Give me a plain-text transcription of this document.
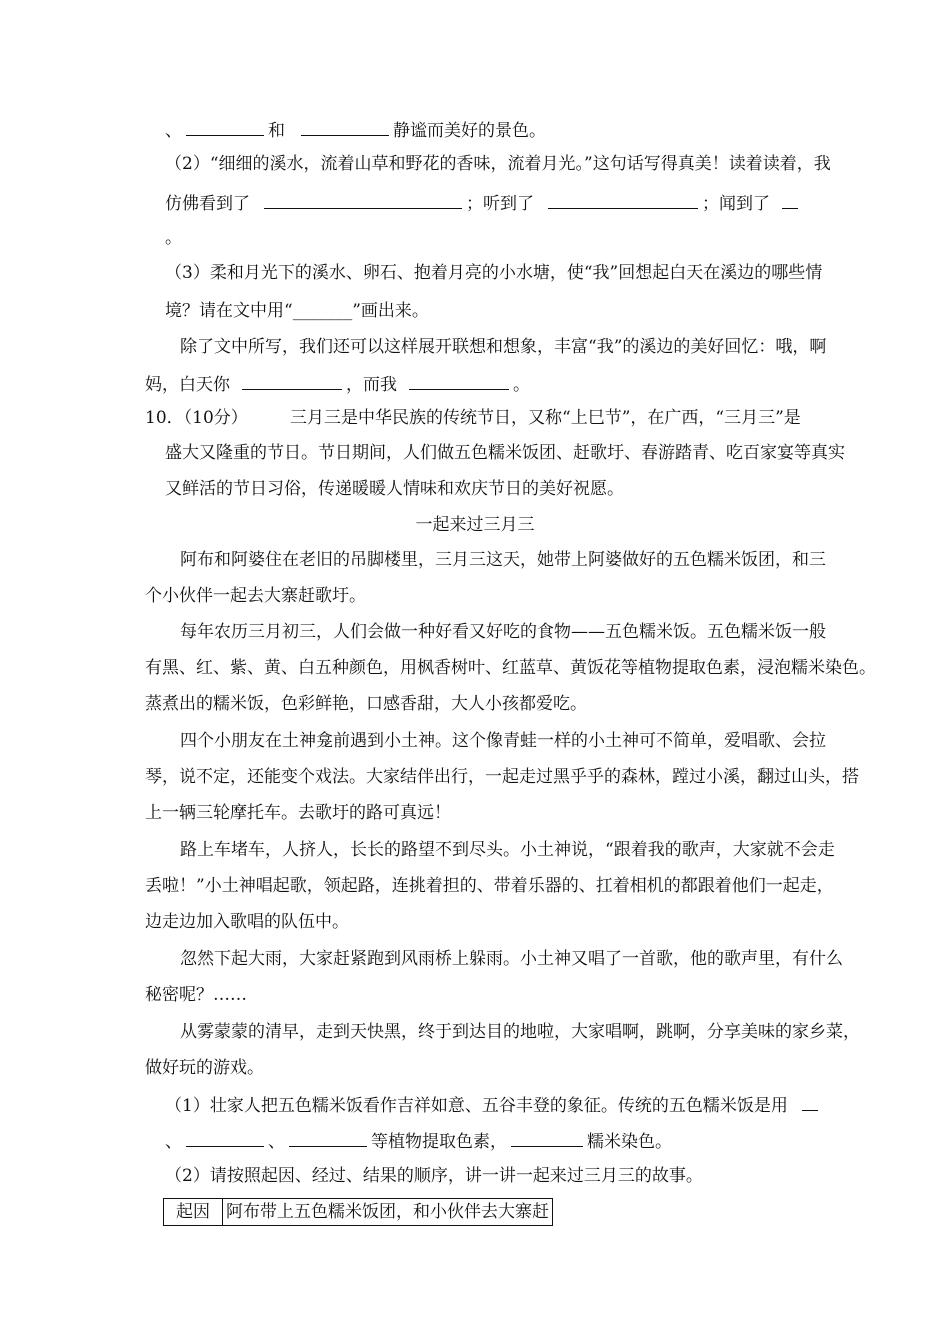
、	和	静谧而美好的景色。
（2）“细细的溪水，流着山草和野花的香味，流着月光。”这句话写得真美！读着读着，我
仿佛看到了	；听到了	；闻到了
。
（3）柔和月光下的溪水、卵石、抱着月亮的小水塘，使“我”回想起白天在溪边的哪些情
境？请在文中用“_______”画出来。
除了文中所写，我们还可以这样展开联想和想象，丰富“我”的溪边的美好回忆：哦，啊
妈，白天你	，而我	。
10．（10分） 三月三是中华民族的传统节日，又称“上巳节”，在广西，“三月三”是
盛大又隆重的节日。节日期间，人们做五色糯米饭团、赶歌圩、春游踏青、吃百家宴等真实
又鲜活的节日习俗，传递暖暖人情味和欢庆节日的美好祝愿。
一起来过三月三
阿布和阿婆住在老旧的吊脚楼里，三月三这天，她带上阿婆做好的五色糯米饭团，和三
个小伙伴一起去大寨赶歌圩。
每年农历三月初三，人们会做一种好看又好吃的食物——五色糯米饭。五色糯米饭一般
有黑、红、紫、黄、白五种颜色，用枫香树叶、红蓝草、黄饭花等植物提取色素，浸泡糯米染色。
蒸煮出的糯米饭，色彩鲜艳，口感香甜，大人小孩都爱吃。
四个小朋友在土神龛前遇到小土神。这个像青蛙一样的小土神可不简单，爱唱歌、会拉
琴，说不定，还能变个戏法。大家结伴出行，一起走过黑乎乎的森林，蹚过小溪，翻过山头，搭
上一辆三轮摩托车。去歌圩的路可真远！
路上车堵车，人挤人，长长的路望不到尽头。小土神说，“跟着我的歌声，大家就不会走
丢啦！”小土神唱起歌，领起路，连挑着担的、带着乐器的、扛着相机的都跟着他们一起走，
边走边加入歌唱的队伍中。
忽然下起大雨，大家赶紧跑到风雨桥上躲雨。小土神又唱了一首歌，他的歌声里，有什么
秘密呢？……
从雾蒙蒙的清早，走到天快黑，终于到达目的地啦，大家唱啊，跳啊，分享美味的家乡菜，
做好玩的游戏。
（1）壮家人把五色糯米饭看作吉祥如意、五谷丰登的象征。传统的五色糯米饭是用
、	、	等植物提取色素，	糯米染色。
（2）请按照起因、经过、结果的顺序，讲一讲一起来过三月三的故事。
起因	阿布带上五色糯米饭团，和小伙伴去大寨赶
